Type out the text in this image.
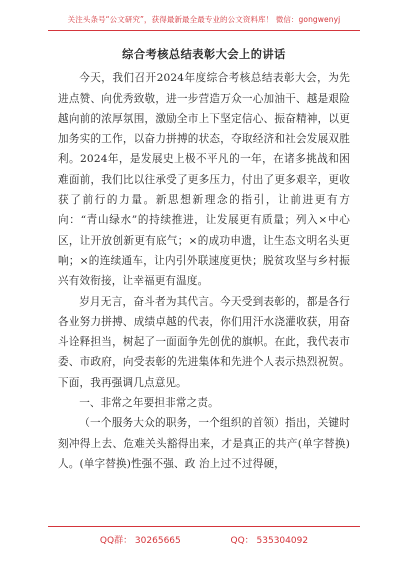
关注头条号“公文研究”，获得最新最全最专业的公文资料库！ 微信：gongwenyj
综合考核总结表彰大会上的讲话

今天，我们召开2024年度综合考核总结表彰大会，为先进点赞、向优秀致敬，进一步营造万众一心加油干、越是艰险越向前的浓厚氛围，激励全市上下坚定信心、振奋精神，以更加务实的工作，以奋力拼搏的状态，夺取经济和社会发展双胜利。2024年，是发展史上极不平凡的一年，在诸多挑战和困难面前，我们比以往承受了更多压力，付出了更多艰辛，更收获了前行的力量。新思想新理念的指引，让前进更有方向：“青山绿水”的持续推进，让发展更有质量；列入×中心区，让开放创新更有底气；×的成功申遗，让生态文明名头更响；×的连续通车，让内引外联速度更快；脱贫攻坚与乡村振兴有效衔接，让幸福更有温度。

岁月无言，奋斗者为其代言。今天受到表彰的，都是各行各业努力拼搏、成绩卓越的代表，你们用汗水浇灌收获，用奋斗诠释担当，树起了一面面争先创优的旗帜。在此，我代表市委、市政府，向受表彰的先进集体和先进个人表示热烈祝贺。下面，我再强调几点意见。

一、非常之年要担非常之责。

（一个服务大众的职务，一个组织的首领）指出，关键时刻冲得上去、危难关头豁得出来，才是真正的共产(单字替换)人。(单字替换)性强不强、政 治上过不过得硬，

QQ群： 30265665	QQ： 535304092
